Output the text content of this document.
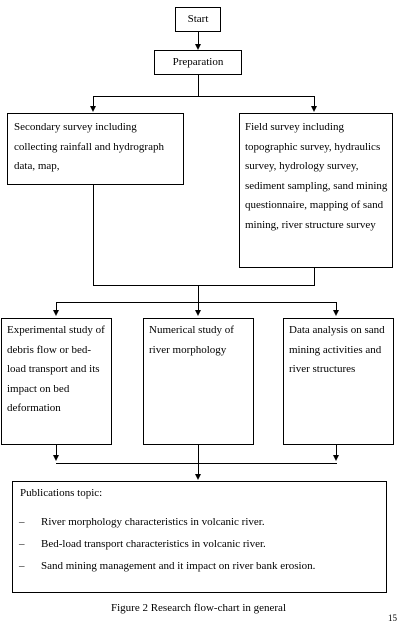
Start
Preparation
Secondary survey including collecting rainfall and hydrograph data, map,
Field survey including topographic survey, hydraulics survey, hydrology survey, sediment sampling, sand mining questionnaire, mapping of sand mining, river structure survey
Experimental study of debris flow or bed-load transport and its impact on bed deformation
Numerical study of river morphology
Data analysis on sand mining activities and river structures
Publications topic:
– River morphology characteristics in volcanic river.
– Bed-load transport characteristics in volcanic river.
– Sand mining management and it impact on river bank erosion.
Figure 2 Research flow-chart in general
15
